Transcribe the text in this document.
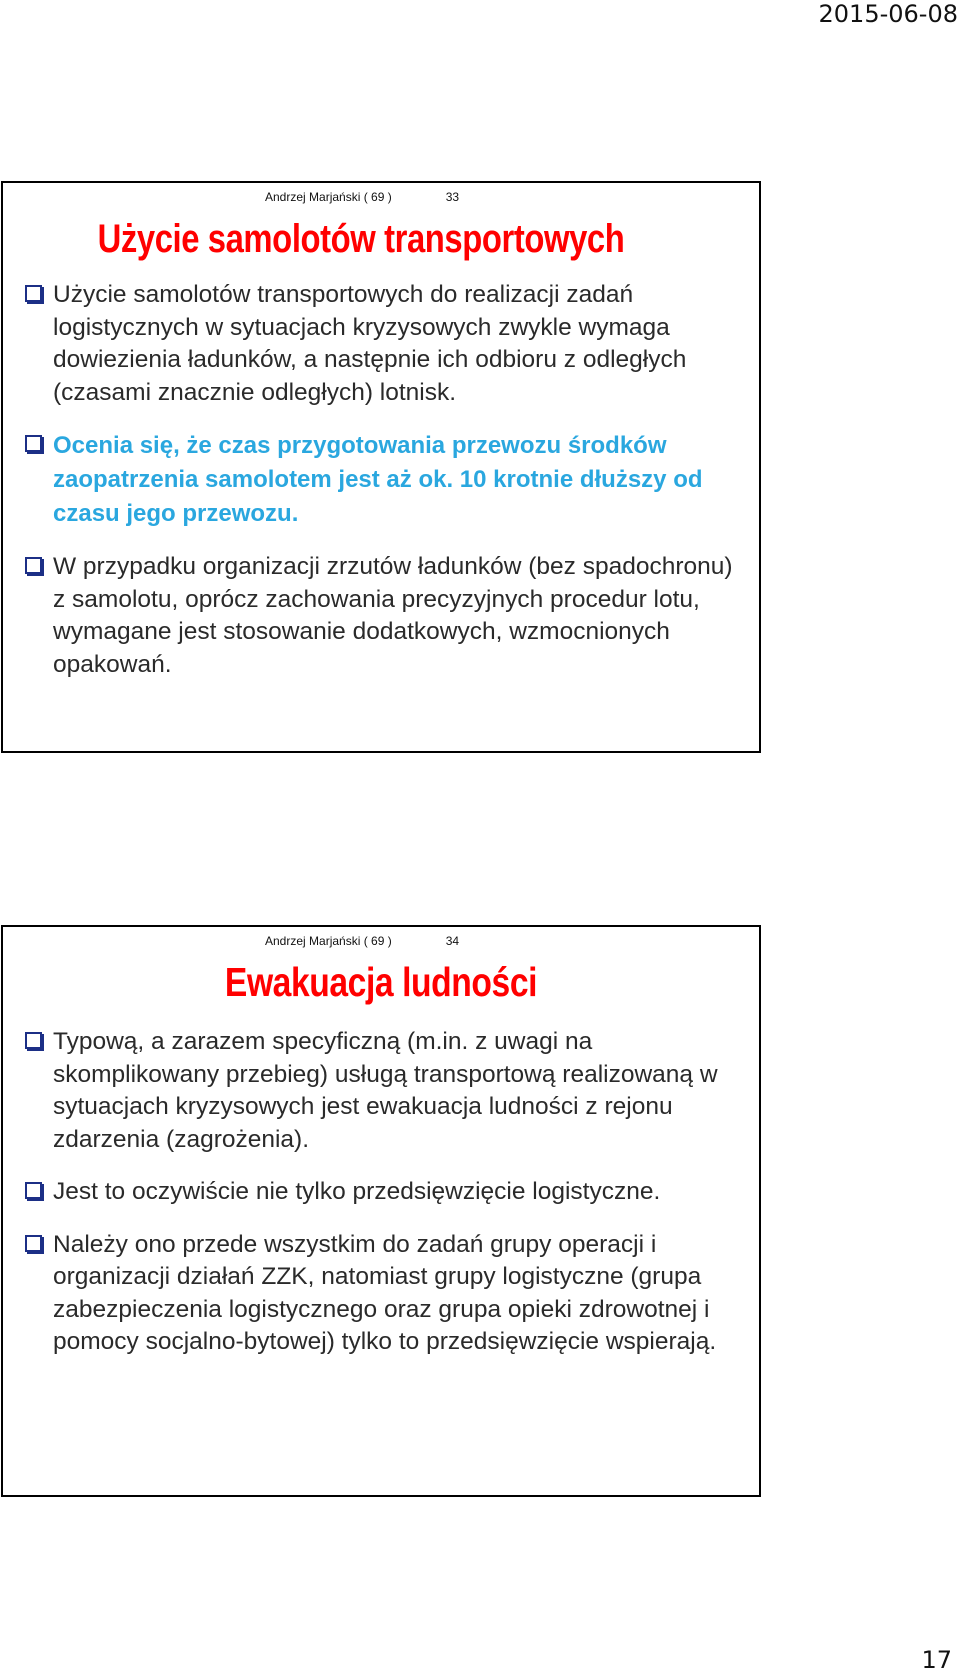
2015-06-08
Andrzej Marjański ( 69 )	33
Użycie samolotów transportowych
Użycie samolotów transportowych do realizacji zadań logistycznych w sytuacjach kryzysowych zwykle wymaga dowiezienia ładunków, a następnie ich odbioru z odległych (czasami znacznie odległych) lotnisk.
Ocenia się, że czas przygotowania przewozu środków zaopatrzenia samolotem jest aż ok. 10 krotnie dłuższy od czasu jego przewozu.
W przypadku organizacji zrzutów ładunków (bez spadochronu) z samolotu, oprócz zachowania precyzyjnych procedur lotu, wymagane jest stosowanie dodatkowych, wzmocnionych opakowań.
Andrzej Marjański ( 69 )	34
Ewakuacja ludności
Typową, a zarazem specyficzną (m.in. z uwagi na skomplikowany przebieg) usługą transportową realizowaną w sytuacjach kryzysowych jest ewakuacja ludności z rejonu zdarzenia (zagrożenia).
Jest to oczywiście nie tylko przedsięwzięcie logistyczne.
Należy ono przede wszystkim do zadań grupy operacji i organizacji działań ZZK, natomiast grupy logistyczne (grupa zabezpieczenia logistycznego oraz grupa opieki zdrowotnej i pomocy socjalno-bytowej) tylko to przedsięwzięcie wspierają.
17
